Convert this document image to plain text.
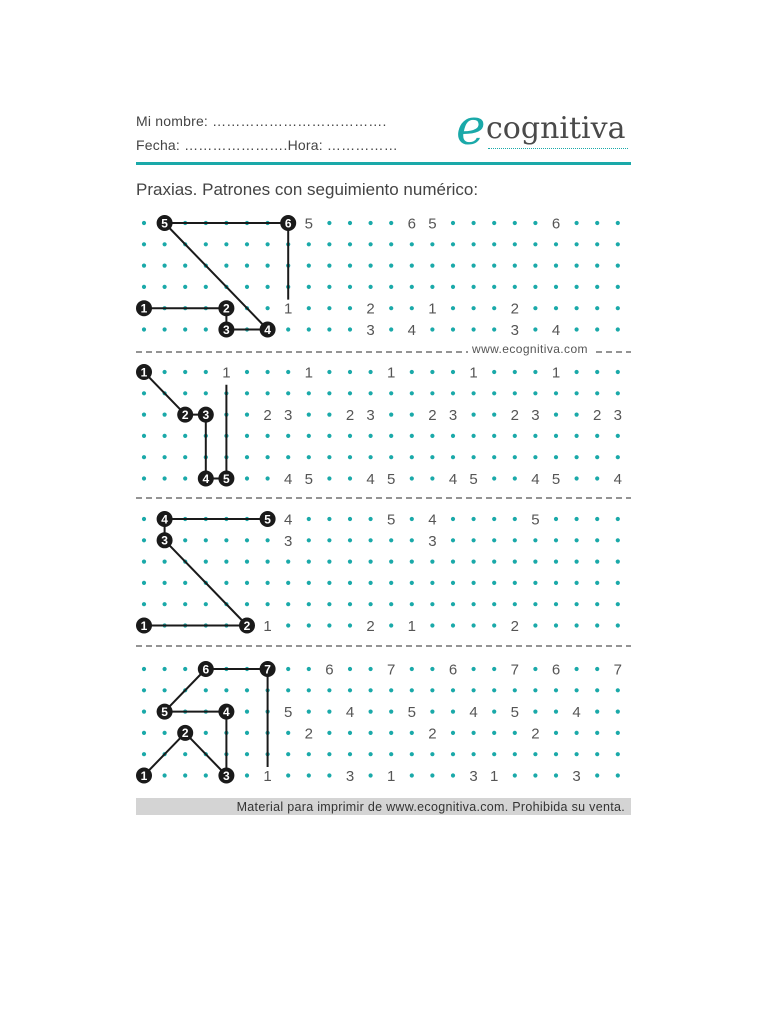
Mi nombre: ……………………………….
Fecha: ………………….Hora: …………… e cognitiva
Praxias. Patrones con seguimiento numérico:
5	6 5	6
1	2	1	2
3 4	3 4
5	6
1	2
3	4
1	1	1	1	1
2 3	2 3	2 3	2 3	2 3
4 5	4 5	4 5	4 5	4
1
2 3
4 5
4	5 4	5
3	3
1	2 1	2
4	5
3
1	2
6	7	6	7 6	7
5	4	5	4 5	4
2	2	2
1	3 1	3 1	3
6	7
5	4
2
1	3
www.ecognitiva.com
Material para imprimir de www.ecognitiva.com. Prohibida su venta.
